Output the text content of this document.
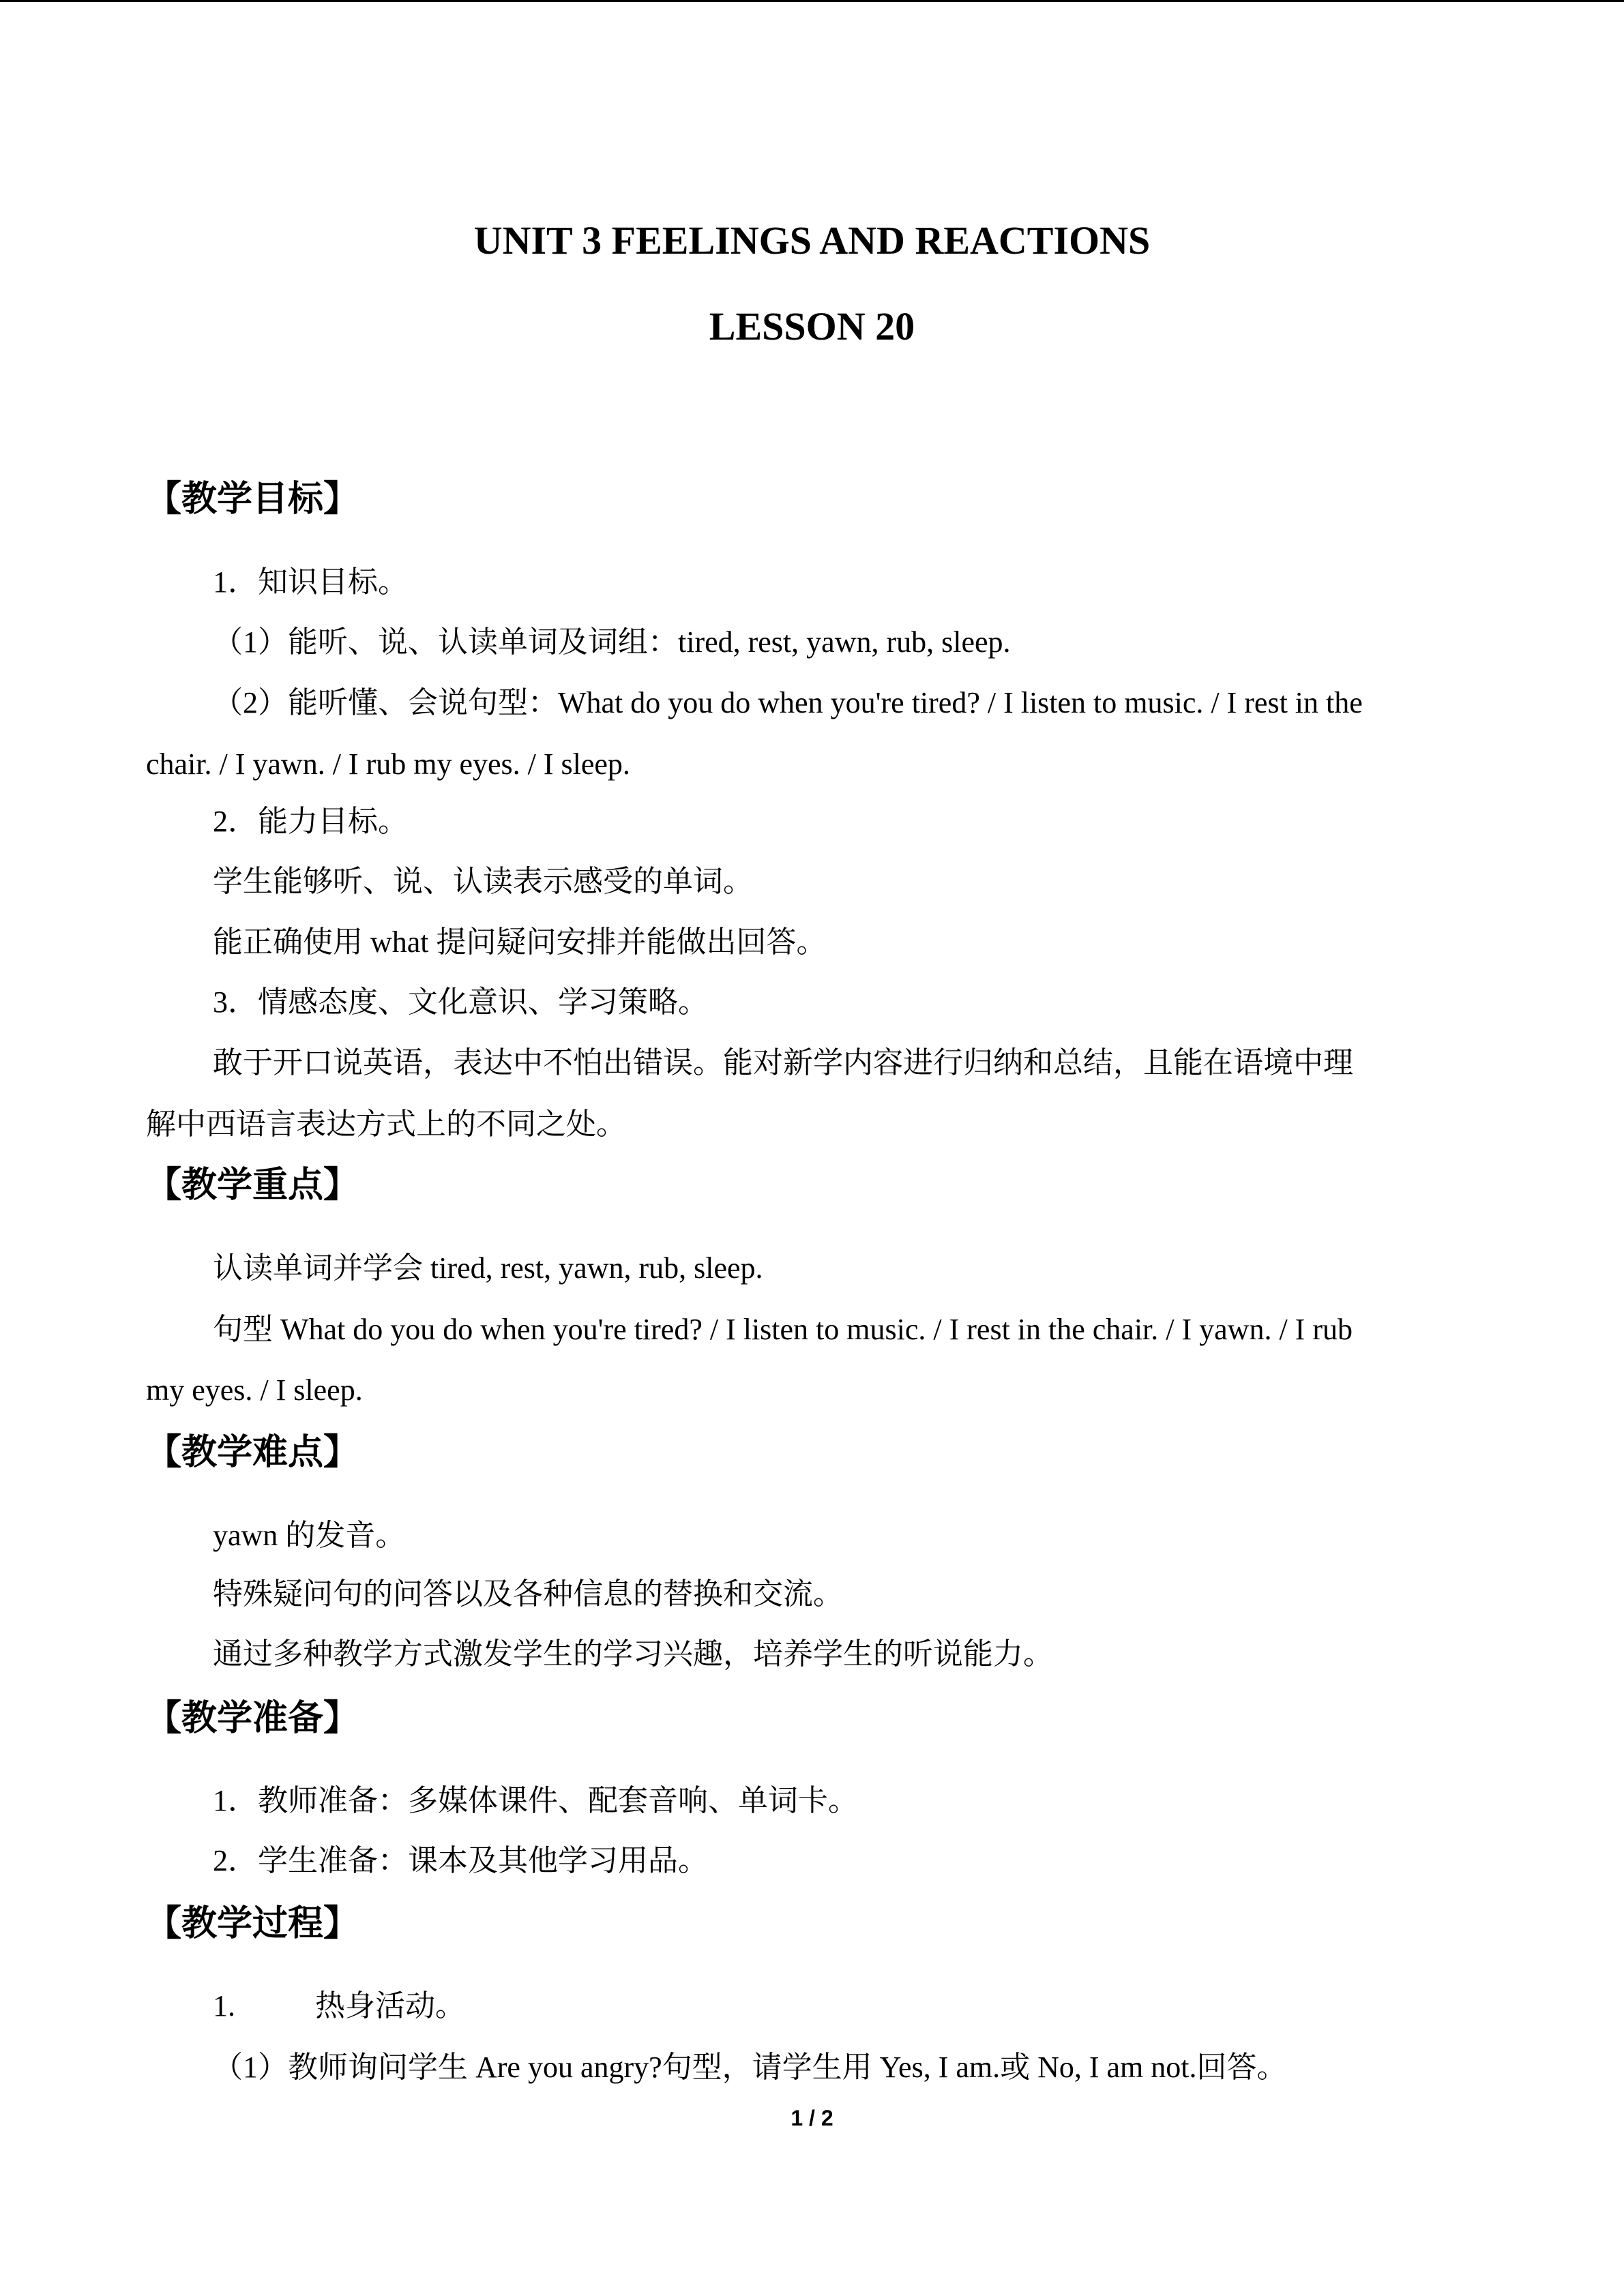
UNIT 3 FEELINGS AND REACTIONS
LESSON 20
【教学目标】
1．知识目标。
（1）能听、说、认读单词及词组：tired, rest, yawn, rub, sleep.
（2）能听懂、会说句型：What do you do when you're tired? / I listen to music. / I rest in the
chair. / I yawn. / I rub my eyes. / I sleep.
2．能力目标。
学生能够听、说、认读表示感受的单词。
能正确使用 what 提问疑问安排并能做出回答。
3．情感态度、文化意识、学习策略。
敢于开口说英语，表达中不怕出错误。能对新学内容进行归纳和总结，且能在语境中理
解中西语言表达方式上的不同之处。
【教学重点】
认读单词并学会 tired, rest, yawn, rub, sleep.
句型 What do you do when you're tired? / I listen to music. / I rest in the chair. / I yawn. / I rub
my eyes. / I sleep.
【教学难点】
yawn 的发音。
特殊疑问句的问答以及各种信息的替换和交流。
通过多种教学方式激发学生的学习兴趣，培养学生的听说能力。
【教学准备】
1．教师准备：多媒体课件、配套音响、单词卡。
2．学生准备：课本及其他学习用品。
【教学过程】
1.	热身活动。
（1）教师询问学生 Are you angry?句型，请学生用 Yes, I am.或 No, I am not.回答。
1 / 2
